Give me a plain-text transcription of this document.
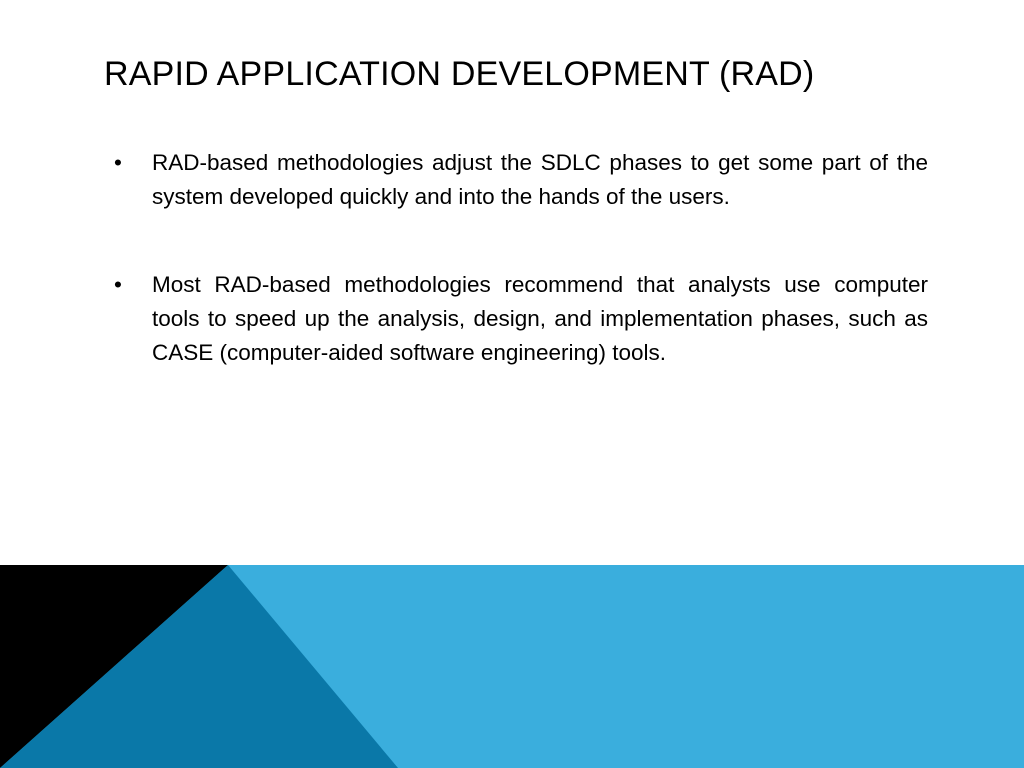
RAPID APPLICATION DEVELOPMENT (RAD)
•	RAD-based methodologies adjust the SDLC phases to get some part of the system developed quickly and into the hands of the users.
•	Most RAD-based methodologies recommend that analysts use computer tools to speed up the analysis, design, and implementation phases, such as CASE (computer-aided software engineering) tools.
